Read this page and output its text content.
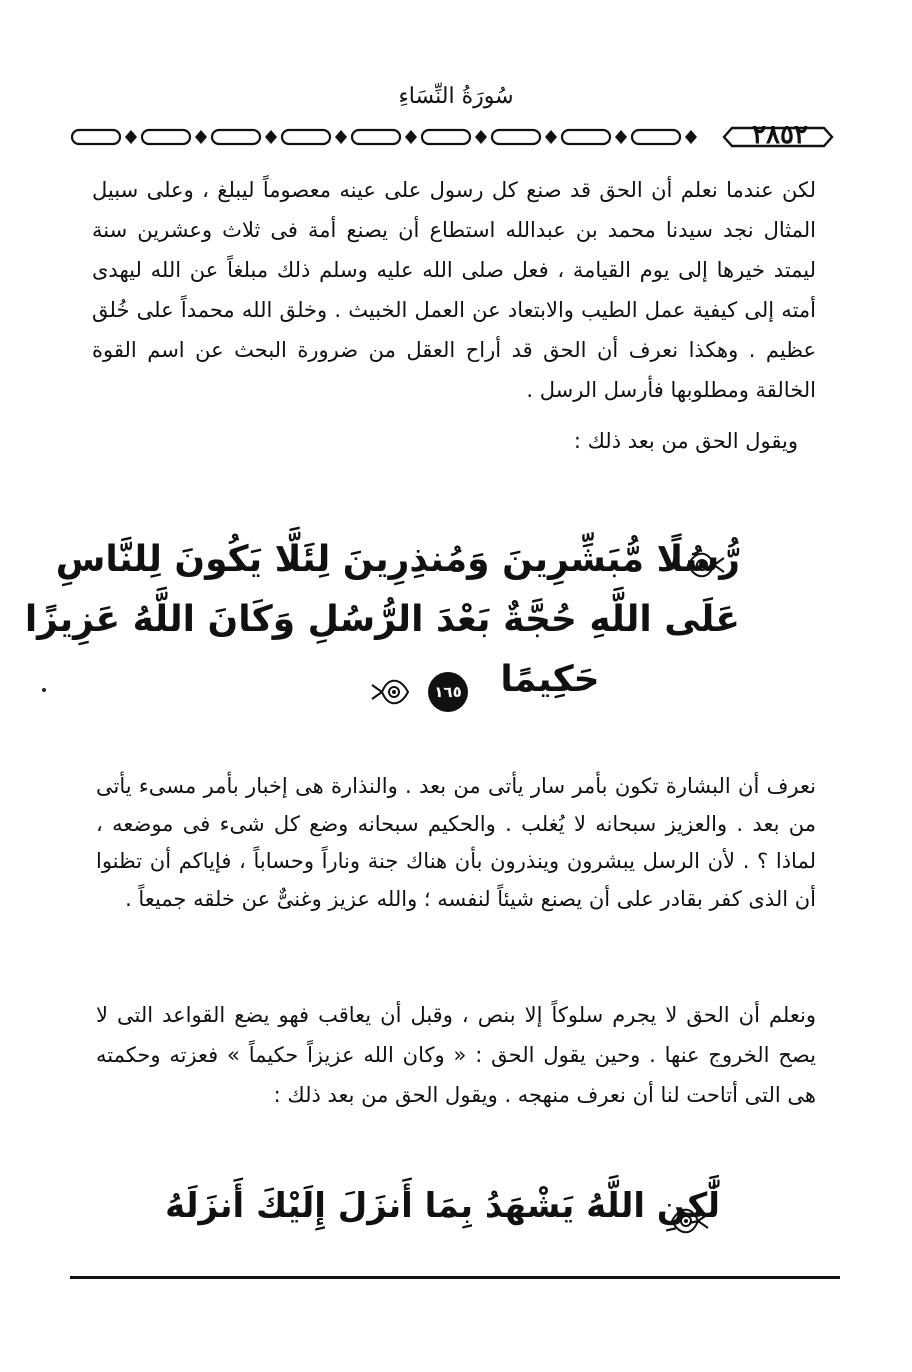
سُورَةُ النِّسَاءِ
٢٨٥٢

لكن عندما نعلم أن الحق قد صنع كل رسول على عينه معصوماً ليبلغ ، وعلى سبيل المثال نجد سيدنا محمد بن عبدالله استطاع أن يصنع أمة فى ثلاث وعشرين سنة ليمتد خيرها إلى يوم القيامة ، فعل صلى الله عليه وسلم ذلك مبلغاً عن الله ليهدى أمته إلى كيفية عمل الطيب والابتعاد عن العمل الخبيث . وخلق الله محمداً على خُلق عظيم . وهكذا نعرف أن الحق قد أراح العقل من ضرورة البحث عن اسم القوة الخالقة ومطلوبها فأرسل الرسل .

ويقول الحق من بعد ذلك :

رُّسُلًا مُّبَشِّرِينَ وَمُنذِرِينَ لِئَلَّا يَكُونَ لِلنَّاسِ
عَلَى اللَّهِ حُجَّةٌ بَعْدَ الرُّسُلِ وَكَانَ اللَّهُ عَزِيزًا
حَكِيمًا
١٦٥

نعرف أن البشارة تكون بأمر سار يأتى من بعد . والنذارة هى إخبار بأمر مسىء يأتى من بعد . والعزيز سبحانه لا يُغلب . والحكيم سبحانه وضع كل شىء فى موضعه ، لماذا ؟ . لأن الرسل يبشرون وينذرون بأن هناك جنة وناراً وحساباً ، فإياكم أن تظنوا أن الذى كفر بقادر على أن يصنع شيئاً لنفسه ؛ والله عزيز وغنىٌّ عن خلقه جميعاً .

ونعلم أن الحق لا يجرم سلوكاً إلا بنص ، وقبل أن يعاقب فهو يضع القواعد التى لا يصح الخروج عنها . وحين يقول الحق : « وكان الله عزيزاً حكيماً » فعزته وحكمته هى التى أتاحت لنا أن نعرف منهجه . ويقول الحق من بعد ذلك :

لَّٰكِنِ اللَّهُ يَشْهَدُ بِمَا أَنزَلَ إِلَيْكَ أَنزَلَهُ
